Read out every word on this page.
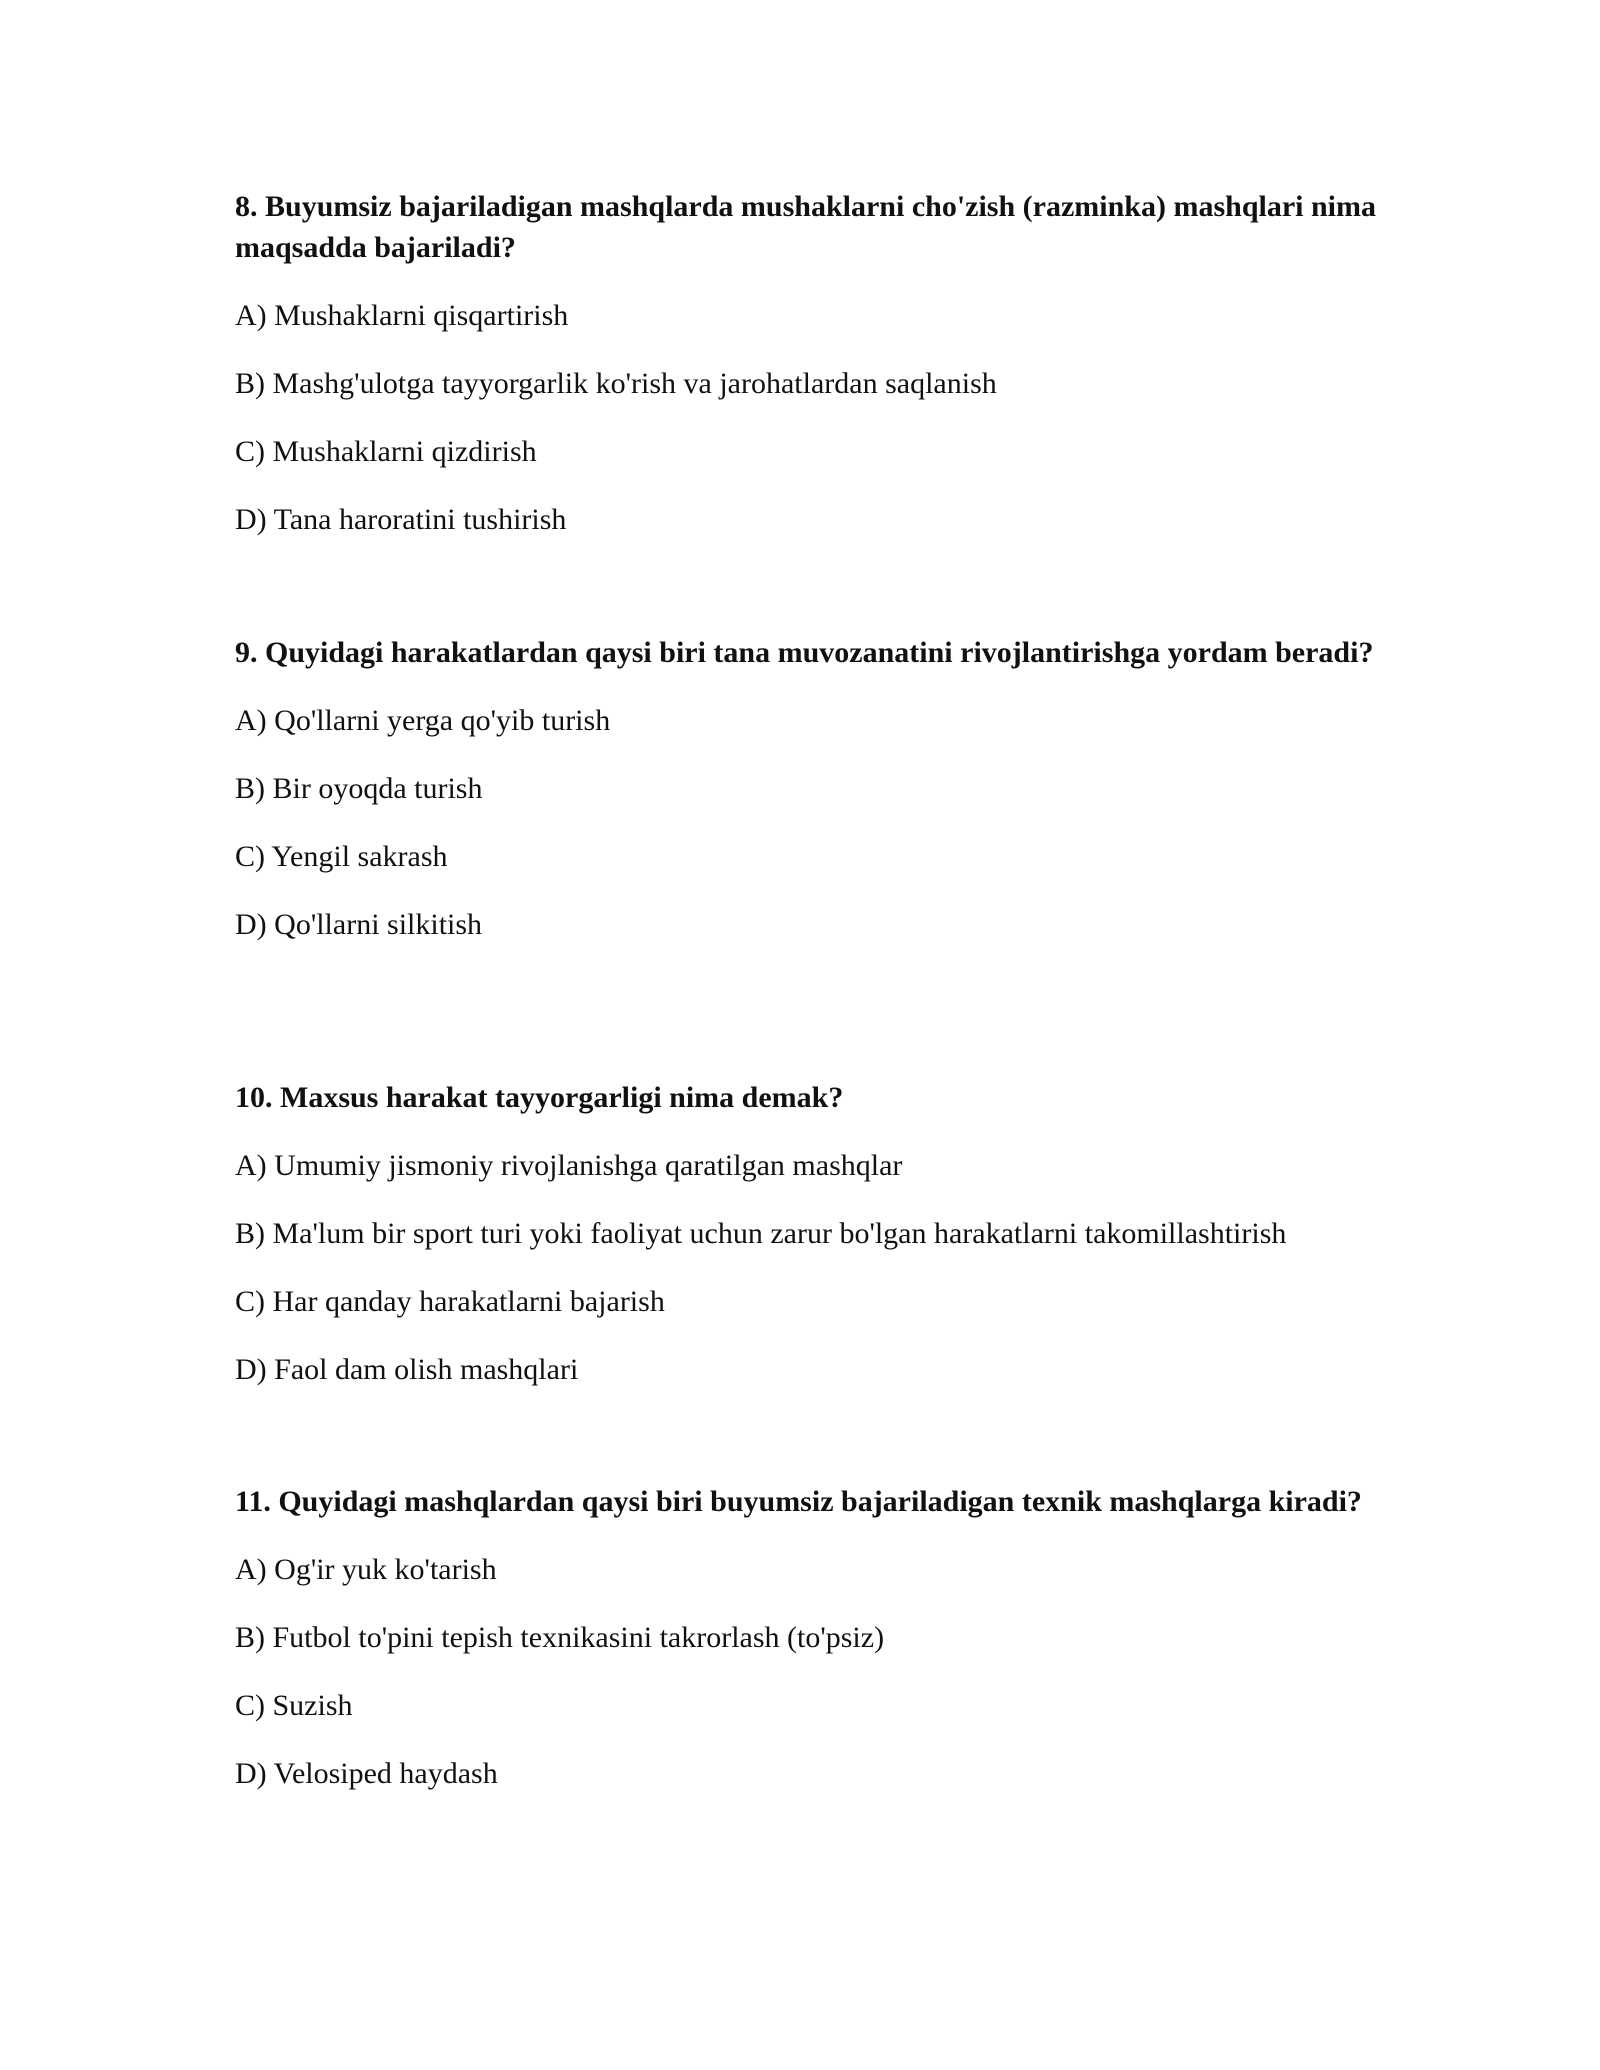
8. Buyumsiz bajariladigan mashqlarda mushaklarni cho'zish (razminka) mashqlari nima maqsadda bajariladi?

A) Mushaklarni qisqartirish
B) Mashg'ulotga tayyorgarlik ko'rish va jarohatlardan saqlanish
C) Mushaklarni qizdirish
D) Tana haroratini tushirish

9. Quyidagi harakatlardan qaysi biri tana muvozanatini rivojlantirishga yordam beradi?

A) Qo'llarni yerga qo'yib turish
B) Bir oyoqda turish
C) Yengil sakrash
D) Qo'llarni silkitish

10. Maxsus harakat tayyorgarligi nima demak?

A) Umumiy jismoniy rivojlanishga qaratilgan mashqlar
B) Ma'lum bir sport turi yoki faoliyat uchun zarur bo'lgan harakatlarni takomillashtirish
C) Har qanday harakatlarni bajarish
D) Faol dam olish mashqlari

11. Quyidagi mashqlardan qaysi biri buyumsiz bajariladigan texnik mashqlarga kiradi?

A) Og'ir yuk ko'tarish
B) Futbol to'pini tepish texnikasini takrorlash (to'psiz)
C) Suzish
D) Velosiped haydash
